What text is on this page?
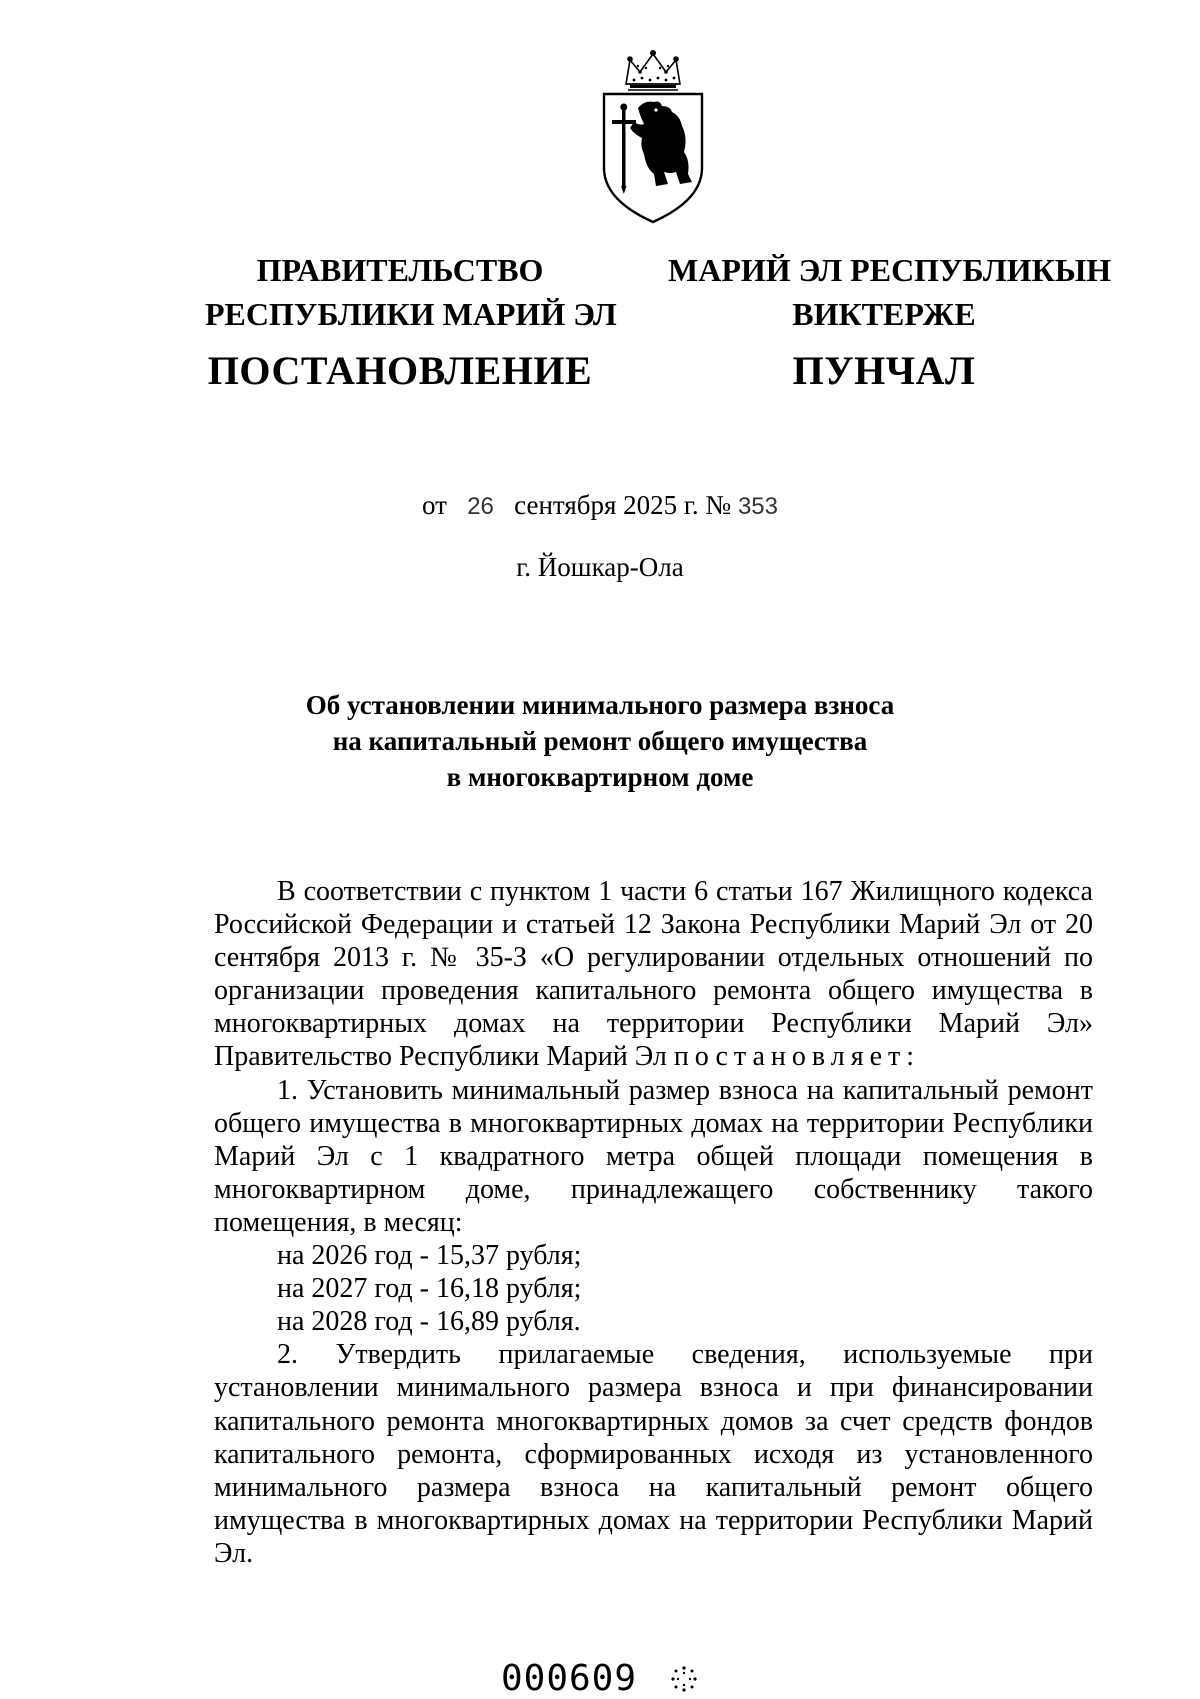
ПРАВИТЕЛЬСТВО
РЕСПУБЛИКИ МАРИЙ ЭЛ
ПОСТАНОВЛЕНИЕ
МАРИЙ ЭЛ РЕСПУБЛИКЫН
ВИКТЕРЖЕ
ПУНЧАЛ
от 26 сентября 2025 г. № 353
г. Йошкар-Ола
Об установлении минимального размера взноса
на капитальный ремонт общего имущества
в многоквартирном доме

В соответствии с пунктом 1 части 6 статьи 167 Жилищного кодекса Российской Федерации и статьей 12 Закона Республики Марий Эл от 20 сентября 2013 г. № 35-З «О регулировании отдельных отношений по организации проведения капитального ремонта общего имущества в многоквартирных домах на территории Республики Марий Эл» Правительство Республики Марий Эл постановляет:

1. Установить минимальный размер взноса на капитальный ремонт общего имущества в многоквартирных домах на территории Республики Марий Эл с 1 квадратного метра общей площади помещения в многоквартирном доме, принадлежащего собственнику такого помещения, в месяц:

на 2026 год - 15,37 рубля;

на 2027 год - 16,18 рубля;

на 2028 год - 16,89 рубля.

2. Утвердить прилагаемые сведения, используемые при установлении минимального размера взноса и при финансировании капитального ремонта многоквартирных домов за счет средств фондов капитального ремонта, сформированных исходя из установленного минимального размера взноса на капитальный ремонт общего имущества в многоквартирных домах на территории Республики Марий Эл.

000609
